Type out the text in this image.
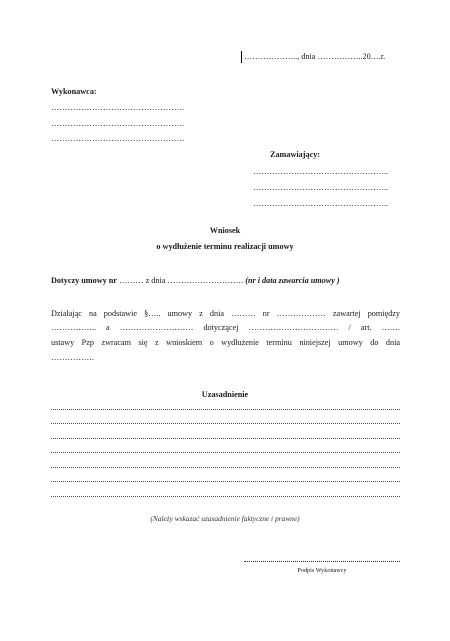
……………….., dnia ……………..20….r.
Wykonawca:
………………………………………….
………………………………………….
………………………………………….
Zamawiający:
…………………………………………..
…………………………………………..
…………………………………………..
Wniosek
o wydłużenie terminu realizacji umowy
Dotyczy umowy nr ……… z dnia ………………………. (nr i data zawarcia umowy )
Działając na podstawie §….. umowy z dnia ……… nr ……………… zawartej pomiędzy
…………….. a ……………………… dotyczącej …………………………… / art. …….
ustawy Pzp zwracam się z wnioskiem o wydłużenie terminu niniejszej umowy do dnia
…………….
Uzasadnienie
(Należy wskazać uzasadnienie faktyczne i prawne)
Podpis Wykonawcy
